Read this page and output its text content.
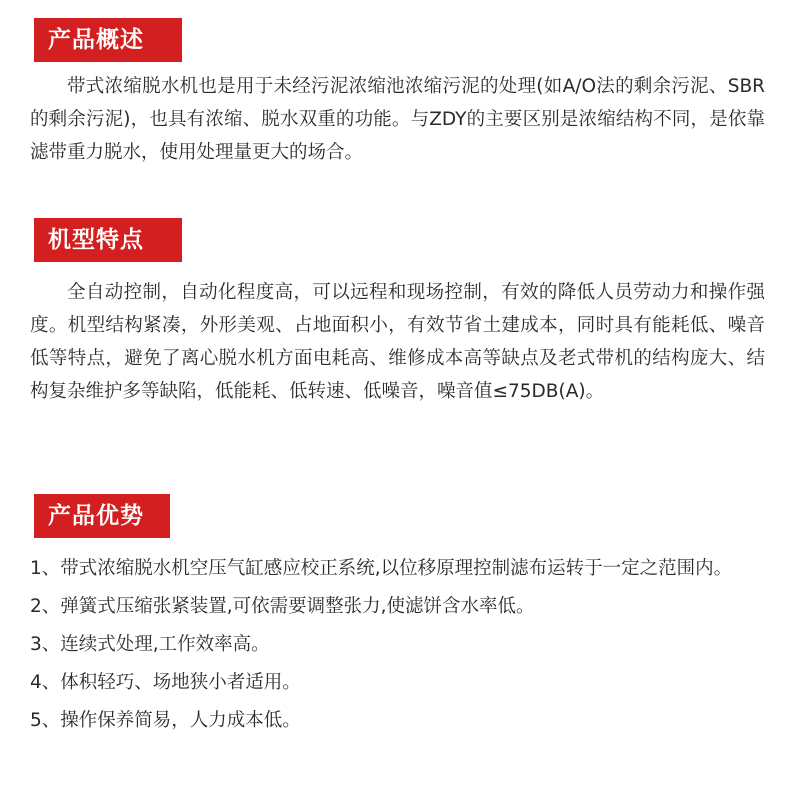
产品概述

带式浓缩脱水机也是用于未经污泥浓缩池浓缩污泥的处理(如A/O法的剩余污泥、SBR的剩余污泥)，也具有浓缩、脱水双重的功能。与ZDY的主要区别是浓缩结构不同，是依靠滤带重力脱水，使用处理量更大的场合。

机型特点

全自动控制，自动化程度高，可以远程和现场控制，有效的降低人员劳动力和操作强度。机型结构紧凑，外形美观、占地面积小，有效节省土建成本，同时具有能耗低、噪音低等特点，避免了离心脱水机方面电耗高、维修成本高等缺点及老式带机的结构庞大、结构复杂维护多等缺陷，低能耗、低转速、低噪音，噪音值≤75DB(A)。

产品优势
1、带式浓缩脱水机空压气缸感应校正系统,以位移原理控制滤布运转于一定之范围内。
2、弹簧式压缩张紧装置,可依需要调整张力,使滤饼含水率低。
3、连续式处理,工作效率高。
4、体积轻巧、场地狭小者适用。
5、操作保养简易，人力成本低。
